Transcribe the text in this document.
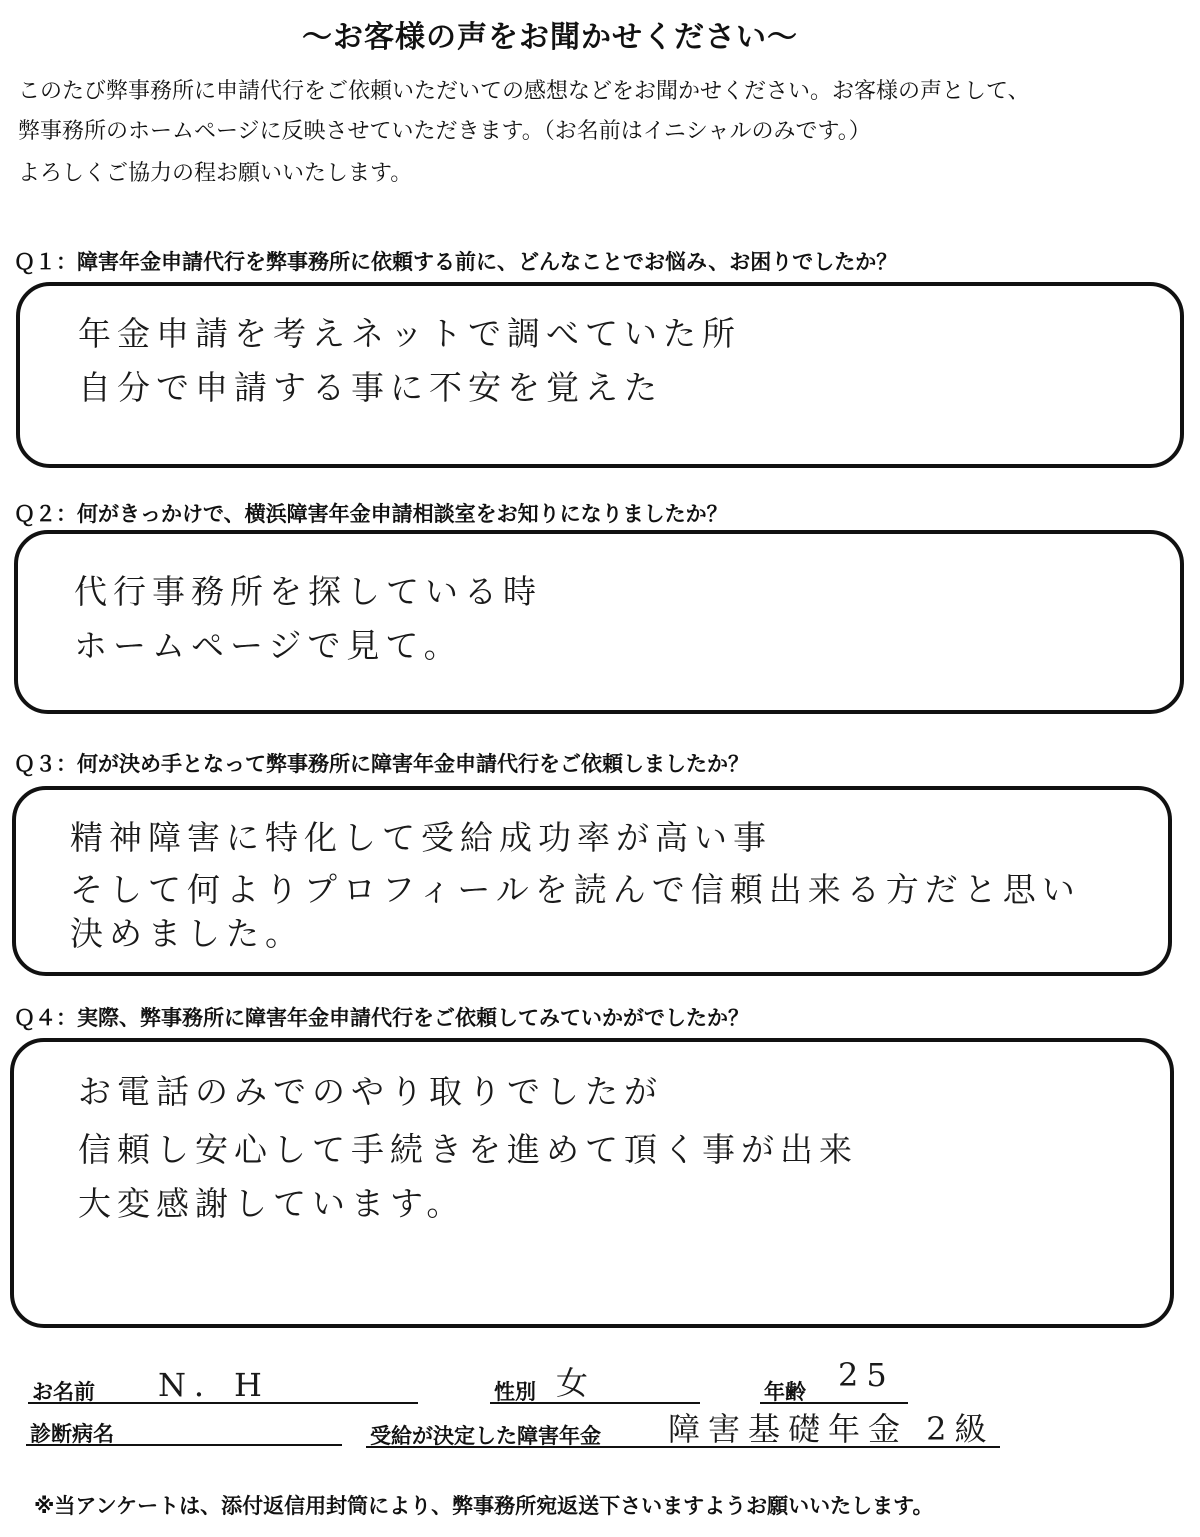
〜お客様の声をお聞かせください〜
このたび弊事務所に申請代行をご依頼いただいての感想などをお聞かせください。お客様の声として、
弊事務所のホームページに反映させていただきます。（お名前はイニシャルのみです。）
よろしくご協力の程お願いいたします。
Ｑ１：障害年金申請代行を弊事務所に依頼する前に、どんなことでお悩み、お困りでしたか？
年金申請を考えネットで調べていた所
自分で申請する事に不安を覚えた
Ｑ２：何がきっかけで、横浜障害年金申請相談室をお知りになりましたか？
代行事務所を探している時
ホームページで見て。
Ｑ３：何が決め手となって弊事務所に障害年金申請代行をご依頼しましたか？
精神障害に特化して受給成功率が高い事
そして何よりプロフィールを読んで信頼出来る方だと思い
決めました。
Ｑ４：実際、弊事務所に障害年金申請代行をご依頼してみていかがでしたか？
お電話のみでのやり取りでしたが
信頼し安心して手続きを進めて頂く事が出来
大変感謝しています。
お名前 N．H	性別 女	年齢 25
診断病名	受給が決定した障害年金 障害基礎年金 2級
※当アンケートは、添付返信用封筒により、弊事務所宛返送下さいますようお願いいたします。
